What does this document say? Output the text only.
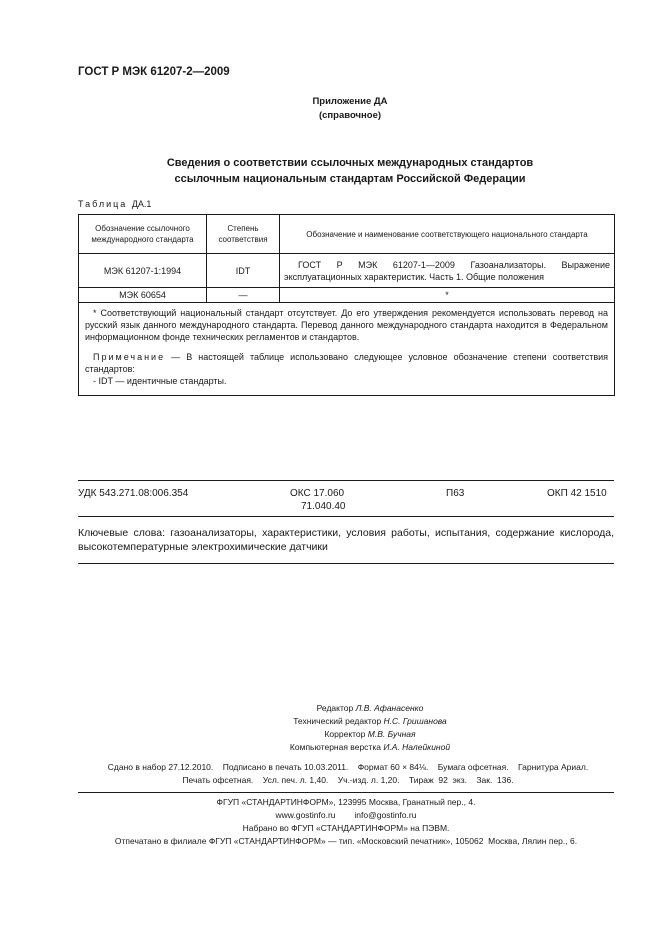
ГОСТ Р МЭК 61207-2—2009
Приложение ДА
(справочное)
Сведения о соответствии ссылочных международных стандартов
ссылочным национальным стандартам Российской Федерации
Таблица ДА.1
Обозначение ссылочного международного стандарта	Степень соответствия	Обозначение и наименование соответствующего национального стандарта
МЭК 61207-1:1994	IDT	ГОСТ Р МЭК 61207-1—2009 Газоанализаторы. Выражение эксплуатационных характеристик. Часть 1. Общие положения
МЭК 60654	—	*

* Соответствующий национальный стандарт отсутствует. До его утверждения рекомендуется использовать перевод на русский язык данного международного стандарта. Перевод данного международного стандарта находится в Федеральном информационном фонде технических регламентов и стандартов.

Примечание — В настоящей таблице использовано следующее условное обозначение степени соответствия стандартов:

- IDT — идентичные стандарты.		

УДК 543.271.08:006.354	ОКС 17.060
71.040.40
П63	ОКП 42 1510
Ключевые слова: газоанализаторы, характеристики, условия работы, испытания, содержание кислорода, высокотемпературные электрохимические датчики
Редактор Л.В. Афанасенко
Технический редактор Н.С. Гришанова
Корректор М.В. Бучная
Компьютерная верстка И.А. Налейкиной
Сдано в набор 27.12.2010.    Подписано в печать 10.03.2011.    Формат 60 × 84⅛.    Бумага офсетная.    Гарнитура Ариал.
Печать офсетная.    Усл. печ. л. 1,40.    Уч.-изд. л. 1,20.    Тираж  92  экз.    Зак.  136.
ФГУП «СТАНДАРТИНФОРМ», 123995 Москва, Гранатный пер., 4.
www.gostinfo.ru        info@gostinfo.ru
Набрано во ФГУП «СТАНДАРТИНФОРМ» на ПЭВМ.
Отпечатано в филиале ФГУП «СТАНДАРТИНФОРМ» — тип. «Московский печатник», 105062  Москва, Лялин пер., 6.
